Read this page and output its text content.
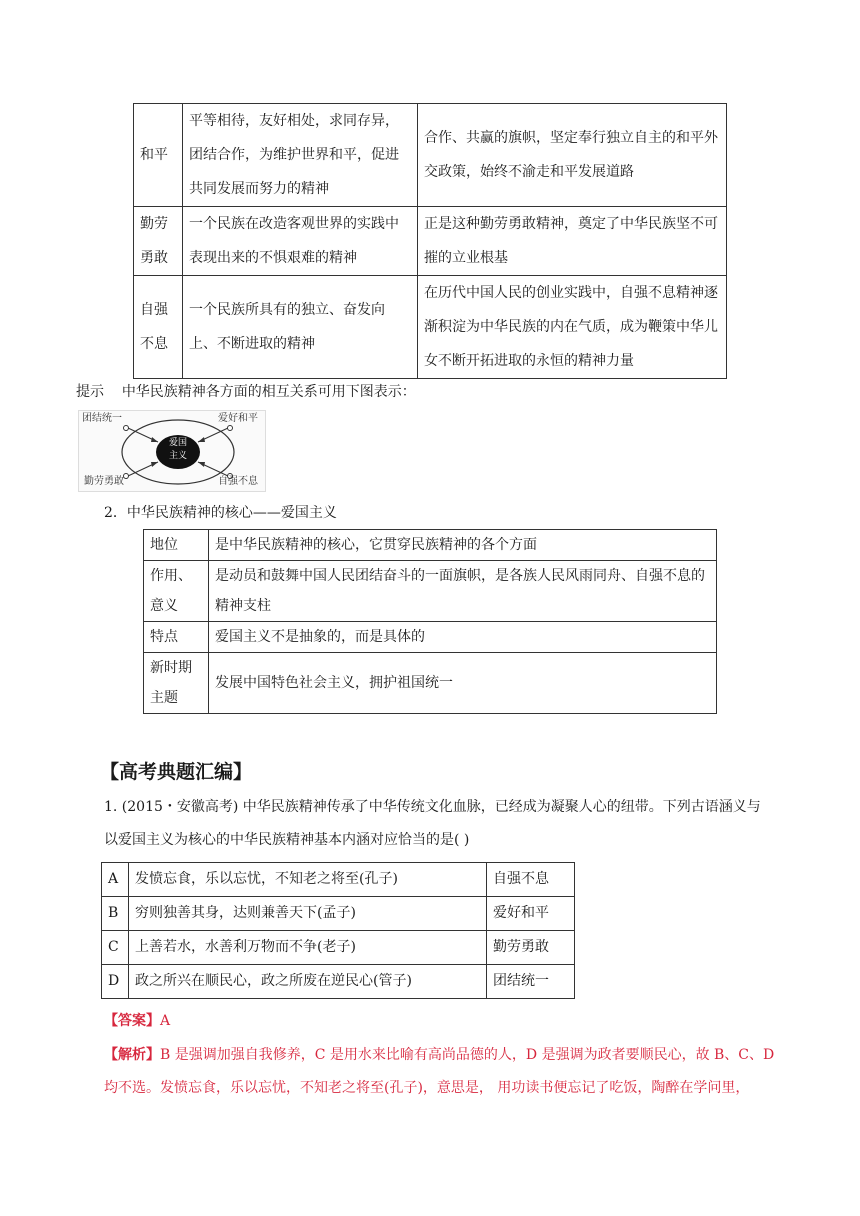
和平	平等相待，友好相处，求同存异，团结合作，为维护世界和平，促进共同发展而努力的精神	合作、共赢的旗帜，坚定奉行独立自主的和平外交政策，始终不渝走和平发展道路
勤劳勇敢	一个民族在改造客观世界的实践中表现出来的不惧艰难的精神	正是这种勤劳勇敢精神，奠定了中华民族坚不可摧的立业根基
自强不息	一个民族所具有的独立、奋发向上、不断进取的精神	在历代中国人民的创业实践中，自强不息精神逐渐积淀为中华民族的内在气质，成为鞭策中华儿女不断开拓进取的永恒的精神力量
提示 中华民族精神各方面的相互关系可用下图表示：
爱国主义
团结统一	爱好和平
勤劳勇敢	自强不息
2．中华民族精神的核心——爱国主义
地位	是中华民族精神的核心，它贯穿民族精神的各个方面
作用、意义	是动员和鼓舞中国人民团结奋斗的一面旗帜，是各族人民风雨同舟、自强不息的精神支柱
特点	爱国主义不是抽象的，而是具体的
新时期主题	发展中国特色社会主义，拥护祖国统一
【高考典题汇编】
1. (2015・安徽高考) 中华民族精神传承了中华传统文化血脉，已经成为凝聚人心的纽带。下列古语涵义与
以爱国主义为核心的中华民族精神基本内涵对应恰当的是( )
A	发愤忘食，乐以忘忧，不知老之将至(孔子)	自强不息
B	穷则独善其身，达则兼善天下(孟子)	爱好和平
C	上善若水，水善利万物而不争(老子)	勤劳勇敢
D	政之所兴在顺民心，政之所废在逆民心(管子)	团结统一
【答案】A
【解析】B 是强调加强自我修养，C 是用水来比喻有高尚品德的人，D 是强调为政者要顺民心，故 B、C、D
均不选。发愤忘食，乐以忘忧，不知老之将至(孔子)，意思是， 用功读书便忘记了吃饭，陶醉在学问里，
